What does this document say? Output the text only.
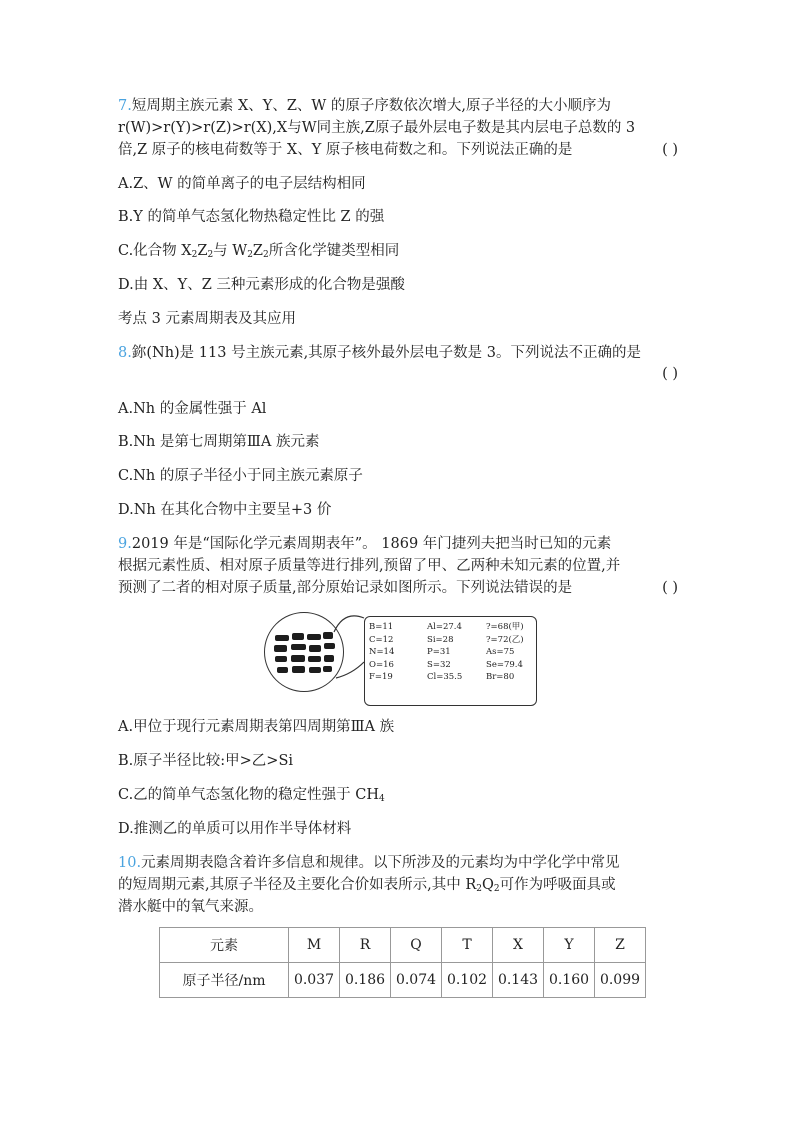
7.短周期主族元素 X、Y、Z、W 的原子序数依次增大,原子半径的大小顺序为
r(W)>r(Y)>r(Z)>r(X),X与W同主族,Z原子最外层电子数是其内层电子总数的 3
倍,Z 原子的核电荷数等于 X、Y 原子核电荷数之和。下列说法正确的是	( )
A.Z、W 的简单离子的电子层结构相同
B.Y 的简单气态氢化物热稳定性比 Z 的强
C.化合物 $X_2Z_2$与 $W_2Z_2$所含化学键类型相同
D.由 X、Y、Z 三种元素形成的化合物是强酸
考点 3 元素周期表及其应用
8.鉨(Nh)是 113 号主族元素,其原子核外最外层电子数是 3。下列说法不正确的是
( )
A.Nh 的金属性强于 Al
B.Nh 是第七周期第ⅢA 族元素
C.Nh 的原子半径小于同主族元素原子
D.Nh 在其化合物中主要呈+3 价
9.2019 年是“国际化学元素周期表年”。 1869 年门捷列夫把当时已知的元素
根据元素性质、相对原子质量等进行排列,预留了甲、乙两种未知元素的位置,并
预测了二者的相对原子质量,部分原始记录如图所示。下列说法错误的是	( )
B=11
C=12
N=14
O=16
F=19
Al=27.4
Si=28
P=31
S=32
Cl=35.5
?=68(甲)
?=72(乙)
As=75
Se=79.4
Br=80
A.甲位于现行元素周期表第四周期第ⅢA 族
B.原子半径比较:甲>乙>Si
C.乙的简单气态氢化物的稳定性强于 $CH_4$
D.推测乙的单质可以用作半导体材料
10.元素周期表隐含着许多信息和规律。以下所涉及的元素均为中学化学中常见
的短周期元素,其原子半径及主要化合价如表所示,其中 $R_2Q_2$可作为呼吸面具或
潜水艇中的氧气来源。
元素	M	R	Q	T	X	Y	Z
原子半径/nm	0.037	0.186	0.074	0.102	0.143	0.160	0.099
